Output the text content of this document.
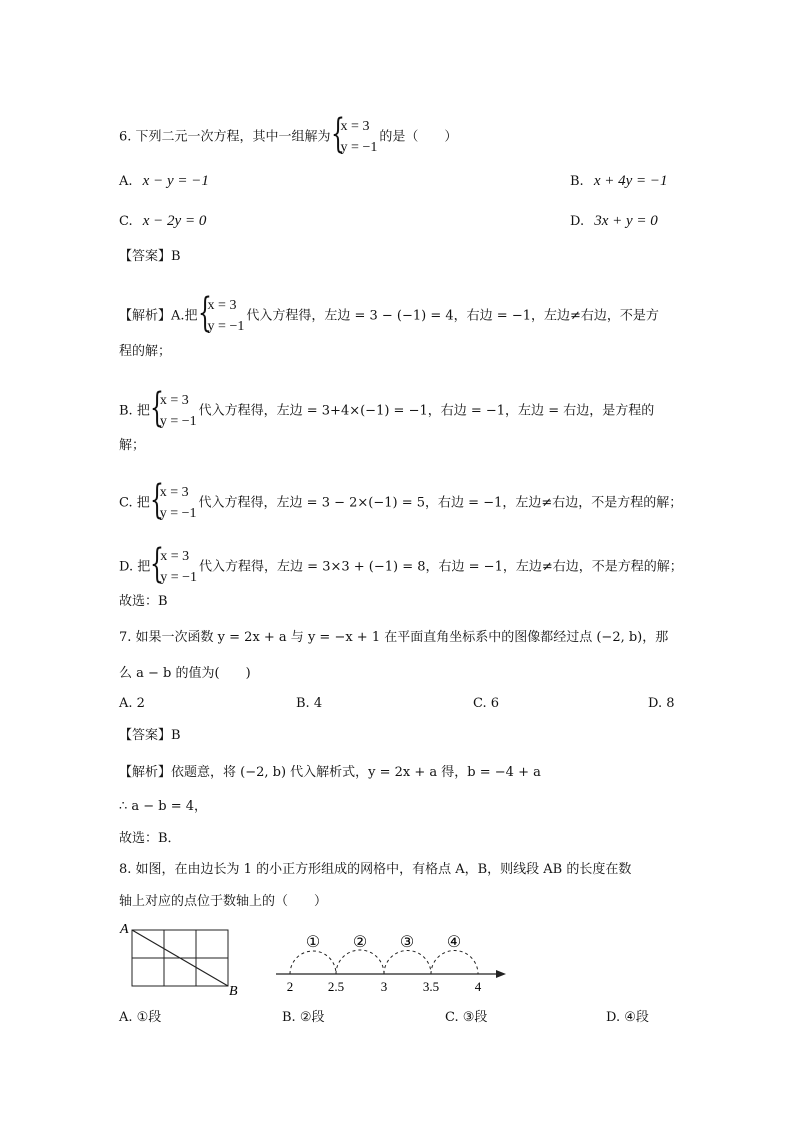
6. 下列二元一次方程，其中一组解为 {
x = 3
y = −1
的是（　　）
A. x − y = −1	B. x + 4y = −1
C. x − 2y = 0	D. 3x + y = 0
【答案】B
【解析】A.把 {
x = 3
y = −1
代入方程得，左边 = 3 − (−1) = 4，右边 = −1，左边≠右边，不是方
程的解；
B. 把 {
x = 3
y = −1
代入方程得，左边 = 3+4×(−1) = −1，右边 = −1，左边 = 右边，是方程的
解；
C. 把 {
x = 3
y = −1
代入方程得，左边 = 3 − 2×(−1) = 5，右边 = −1，左边≠右边，不是方程的解；
D. 把 {
x = 3
y = −1
代入方程得，左边 = 3×3 + (−1) = 8，右边 = −1，左边≠右边，不是方程的解；
故选：B
7. 如果一次函数 y = 2x + a 与 y = −x + 1 在平面直角坐标系中的图像都经过点 (−2, b)，那
么 a − b 的值为(　　)
A. 2	B. 4	C. 6	D. 8
【答案】B
【解析】依题意，将 (−2, b) 代入解析式，y = 2x + a 得，b = −4 + a
∴ a − b = 4，
故选：B．
8. 如图，在由边长为 1 的小正方形组成的网格中，有格点 A，B，则线段 AB 的长度在数
轴上对应的点位于数轴上的（　　）
A
B
① ② ③ ④
2	2.5	3	3.5	4
A. ①段	B. ②段	C. ③段	D. ④段
